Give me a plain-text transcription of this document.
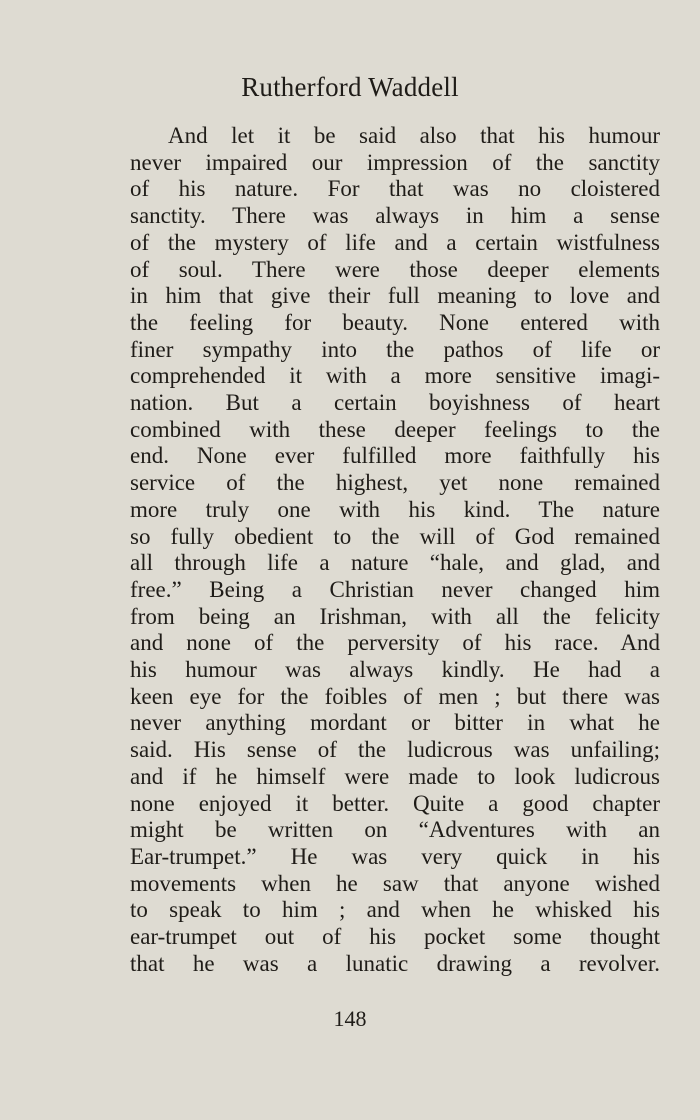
Rutherford Waddell
And let it be said also that his humour
never impaired our impression of the sanctity
of his nature. For that was no cloistered
sanctity. There was always in him a sense
of the mystery of life and a certain wistfulness
of soul. There were those deeper elements
in him that give their full meaning to love and
the feeling for beauty. None entered with
finer sympathy into the pathos of life or
comprehended it with a more sensitive imagi-
nation. But a certain boyishness of heart
combined with these deeper feelings to the
end. None ever fulfilled more faithfully his
service of the highest, yet none remained
more truly one with his kind. The nature
so fully obedient to the will of God remained
all through life a nature “hale, and glad, and
free.” Being a Christian never changed him
from being an Irishman, with all the felicity
and none of the perversity of his race. And
his humour was always kindly. He had a
keen eye for the foibles of men ; but there was
never anything mordant or bitter in what he
said. His sense of the ludicrous was unfailing;
and if he himself were made to look ludicrous
none enjoyed it better. Quite a good chapter
might be written on “Adventures with an
Ear-trumpet.” He was very quick in his
movements when he saw that anyone wished
to speak to him ; and when he whisked his
ear-trumpet out of his pocket some thought
that he was a lunatic drawing a revolver.
148
